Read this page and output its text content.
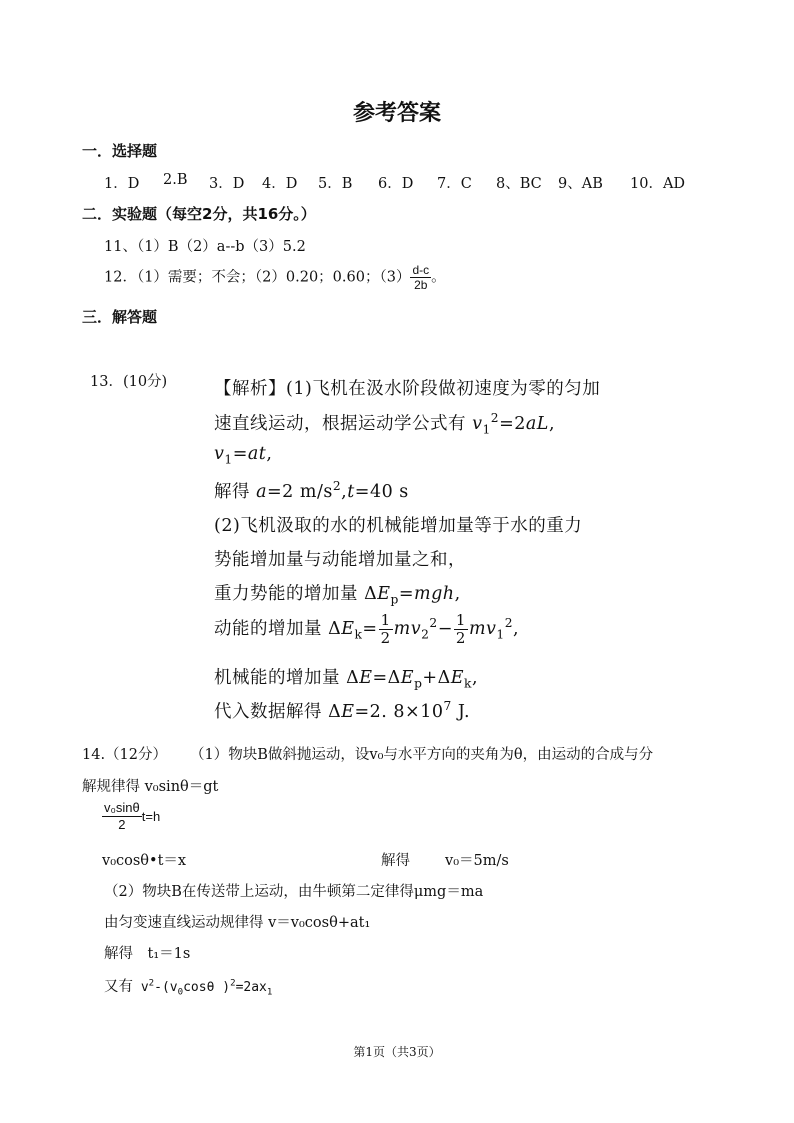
参考答案
一．选择题
1．D 2.B 3．D 4．D 5．B 6．D 7．C 8、BC 9、AB 10．AD
二．实验题（每空2分，共16分。）
11、（1）B（2）a--b（3）5.2
12．（1）需要；不会；（2）0.20；0.60；$(3) \frac{d-c}{2b}$ 。
三．解答题
13．(10分)	【解析】(1)飞机在汲水阶段做初速度为零的匀加
速直线运动，根据运动学公式有 $v_1^2=2aL$,
$v_1=at$,
解得 a=2 $m/s^2,t=40$ s
(2)飞机汲取的水的机械能增加量等于水的重力
势能增加量与动能增加量之和，
重力势能的增加量 $\Delta E_p=mgh$,
动能的增加量 $\Delta E_k= \frac{1}{2} mv_2^2- \frac{1}{2} mv_1^2$,
机械能的增加量 $\Delta E=\Delta E_p+\Delta E_k$,
代入数据解得 ΔE=2. $8\times 10^7$ J.
14.（12分） （1）物块B做斜抛运动，设v₀与水平方向的夹角为θ，由运动的合成与分
解规律得 v₀sinθ＝gt
$\frac{\text{v₀sinθ}}{2} t=h$
v₀cosθ•t＝x	解得 v₀＝5m/s
（2）物块B在传送带上运动，由牛顿第二定律得μmg＝ma
由匀变速直线运动规律得 v＝v₀cosθ+at₁
解得　t₁＝1s
又有 $v^2-(v_0\cos\theta$ )$^2=2ax_1$
第1页（共3页）
